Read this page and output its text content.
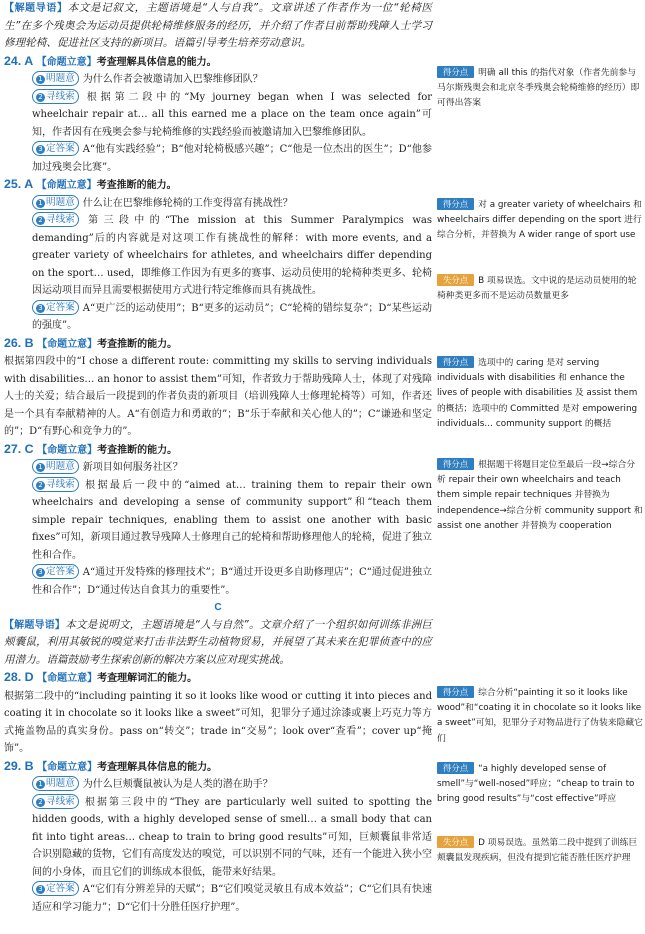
【解题导语】本文是记叙文，主题语境是“人与自我”。文章讲述了作者作为一位“轮椅医生”在多个残奥会为运动员提供轮椅维修服务的经历，并介绍了作者目前帮助残障人士学习修理轮椅、促进社区支持的新项目。语篇引导考生培养劳动意识。

24. A 【命题立意】考查理解具体信息的能力。

1 明题意 为什么作者会被邀请加入巴黎维修团队？

2 寻线索 根据第二段中的“My journey began when I was selected for wheelchair repair at… all this earned me a place on the team once again”可知，作者因有在残奥会参与轮椅维修的实践经验而被邀请加入巴黎维修团队。

3 定答案 A“他有实践经验”；B“他对轮椅极感兴趣”；C“他是一位杰出的医生”；D“他参加过残奥会比赛”。

25. A 【命题立意】考查推断的能力。

1 明题意 什么让在巴黎维修轮椅的工作变得富有挑战性？

2 寻线索 第三段中的“The mission at this Summer Paralympics was demanding”后的内容就是对这项工作有挑战性的解释：with more events, and a greater variety of wheelchairs for athletes, and wheelchairs differ depending on the sport… used，即维修工作因为有更多的赛事、运动员使用的轮椅种类更多、轮椅因运动项目而异且需要根据使用方式进行特定维修而具有挑战性。

3 定答案 A“更广泛的运动使用”；B“更多的运动员”；C“轮椅的错综复杂”；D“某些运动的强度”。

26. B 【命题立意】考查推断的能力。

根据第四段中的“I chose a different route: committing my skills to serving individuals with disabilities… an honor to assist them”可知，作者致力于帮助残障人士，体现了对残障人士的关爱；结合最后一段提到的作者负责的新项目（培训残障人士修理轮椅等）可知，作者还是一个具有奉献精神的人。A“有创造力和勇敢的”；B“乐于奉献和关心他人的”；C“谦逊和坚定的”；D“有野心和竞争力的”。

27. C 【命题立意】考查推断的能力。

1 明题意 新项目如何服务社区？

2 寻线索 根据最后一段中的“aimed at… training them to repair their own wheelchairs and developing a sense of community support”和“teach them simple repair techniques, enabling them to assist one another with basic fixes”可知，新项目通过教导残障人士修理自己的轮椅和帮助修理他人的轮椅，促进了独立性和合作。

3 定答案 A“通过开发特殊的修理技术”；B“通过开设更多自助修理店”；C“通过促进独立性和合作”；D“通过传达自食其力的重要性”。

C

【解题导语】本文是说明文，主题语境是“人与自然”。文章介绍了一个组织如何训练非洲巨颊囊鼠，利用其敏锐的嗅觉来打击非法野生动植物贸易，并展望了其未来在犯罪侦查中的应用潜力。语篇鼓励考生探索创新的解决方案以应对现实挑战。

28. D 【命题立意】考查理解词汇的能力。

根据第二段中的“including painting it so it looks like wood or cutting it into pieces and coating it in chocolate so it looks like a sweet”可知，犯罪分子通过涂漆或裹上巧克力等方式掩盖物品的真实身份。pass on“转交”；trade in“交易”；look over“查看”；cover up“掩饰”。

29. B 【命题立意】考查理解具体信息的能力。

1 明题意 为什么巨颊囊鼠被认为是人类的潜在助手？

2 寻线索 根据第三段中的“They are particularly well suited to spotting the hidden goods, with a highly developed sense of smell… a small body that can fit into tight areas… cheap to train to bring good results”可知，巨颊囊鼠非常适合识别隐藏的货物，它们有高度发达的嗅觉，可以识别不同的气味，还有一个能进入狭小空间的小身体，而且它们的训练成本很低，能带来好结果。

3 定答案 A“它们有分辨差异的天赋”；B“它们嗅觉灵敏且有成本效益”；C“它们具有快速适应和学习能力”；D“它们十分胜任医疗护理”。

得分点 明确 all this 的指代对象（作者先前参与马尔斯残奥会和北京冬季残奥会轮椅维修的经历）即可得出答案
得分点 对 a greater variety of wheelchairs 和 wheelchairs differ depending on the sport 进行综合分析，并替换为 A wider range of sport use
失分点 B 项易误选。文中说的是运动员使用的轮椅种类更多而不是运动员数量更多
得分点 选项中的 caring 是对 serving individuals with disabilities 和 enhance the lives of people with disabilities 及 assist them 的概括；选项中的 Committed 是对 empowering individuals… community support 的概括
得分点 根据题干将题目定位至最后一段→综合分析 repair their own wheelchairs and teach them simple repair techniques 并替换为 independence→综合分析 community support 和 assist one another 并替换为 cooperation
得分点 综合分析“painting it so it looks like wood”和“coating it in chocolate so it looks like a sweet”可知，犯罪分子对物品进行了伪装来隐藏它们
得分点 “a highly developed sense of smell”与“well-nosed”呼应；“cheap to train to bring good results”与“cost effective”呼应
失分点 D 项易误选。虽然第二段中提到了训练巨颊囊鼠发现疾病，但没有提到它能否胜任医疗护理
